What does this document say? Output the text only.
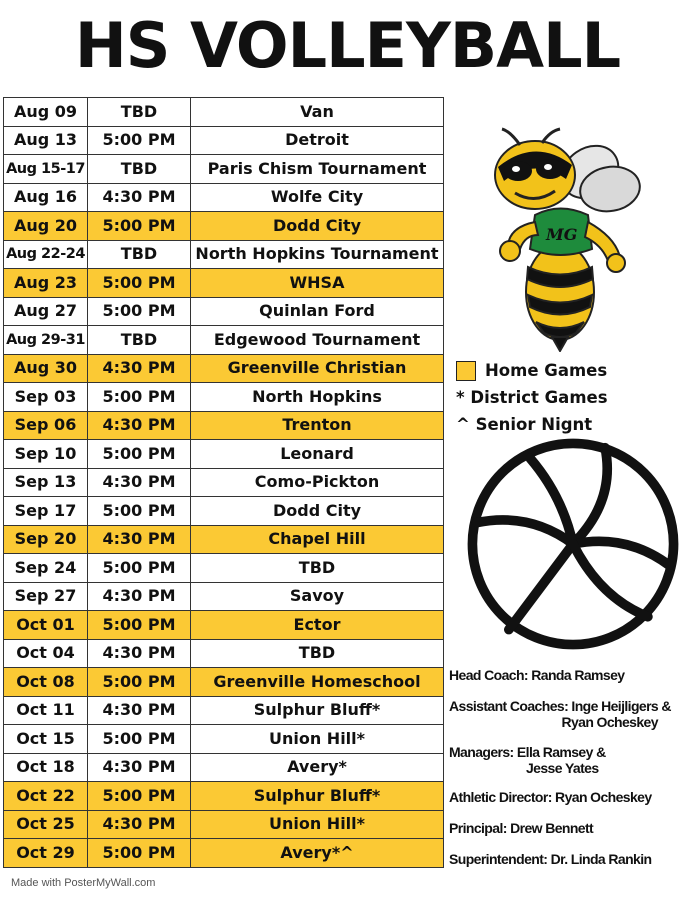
HS VOLLEYBALL
Aug 09	TBD	Van
Aug 13	5:00 PM	Detroit
Aug 15-17	TBD	Paris Chism Tournament
Aug 16	4:30 PM	Wolfe City
Aug 20	5:00 PM	Dodd City
Aug 22-24	TBD	North Hopkins Tournament
Aug 23	5:00 PM	WHSA
Aug 27	5:00 PM	Quinlan Ford
Aug 29-31	TBD	Edgewood Tournament
Aug 30	4:30 PM	Greenville Christian
Sep 03	5:00 PM	North Hopkins
Sep 06	4:30 PM	Trenton
Sep 10	5:00 PM	Leonard
Sep 13	4:30 PM	Como-Pickton
Sep 17	5:00 PM	Dodd City
Sep 20	4:30 PM	Chapel Hill
Sep 24	5:00 PM	TBD
Sep 27	4:30 PM	Savoy
Oct 01	5:00 PM	Ector
Oct 04	4:30 PM	TBD
Oct 08	5:00 PM	Greenville Homeschool
Oct 11	4:30 PM	Sulphur Bluff*
Oct 15	5:00 PM	Union Hill*
Oct 18	4:30 PM	Avery*
Oct 22	5:00 PM	Sulphur Bluff*
Oct 25	4:30 PM	Union Hill*
Oct 29	5:00 PM	Avery*^
MG
Home Games
* District Games
^ Senior Nignt
Head Coach: Randa Ramsey
Assistant Coaches: Inge Heijligers &
Ryan Ocheskey
Managers: Ella Ramsey &
Jesse Yates
Athletic Director: Ryan Ocheskey
Principal: Drew Bennett
Superintendent: Dr. Linda Rankin
Made with PosterMyWall.com
